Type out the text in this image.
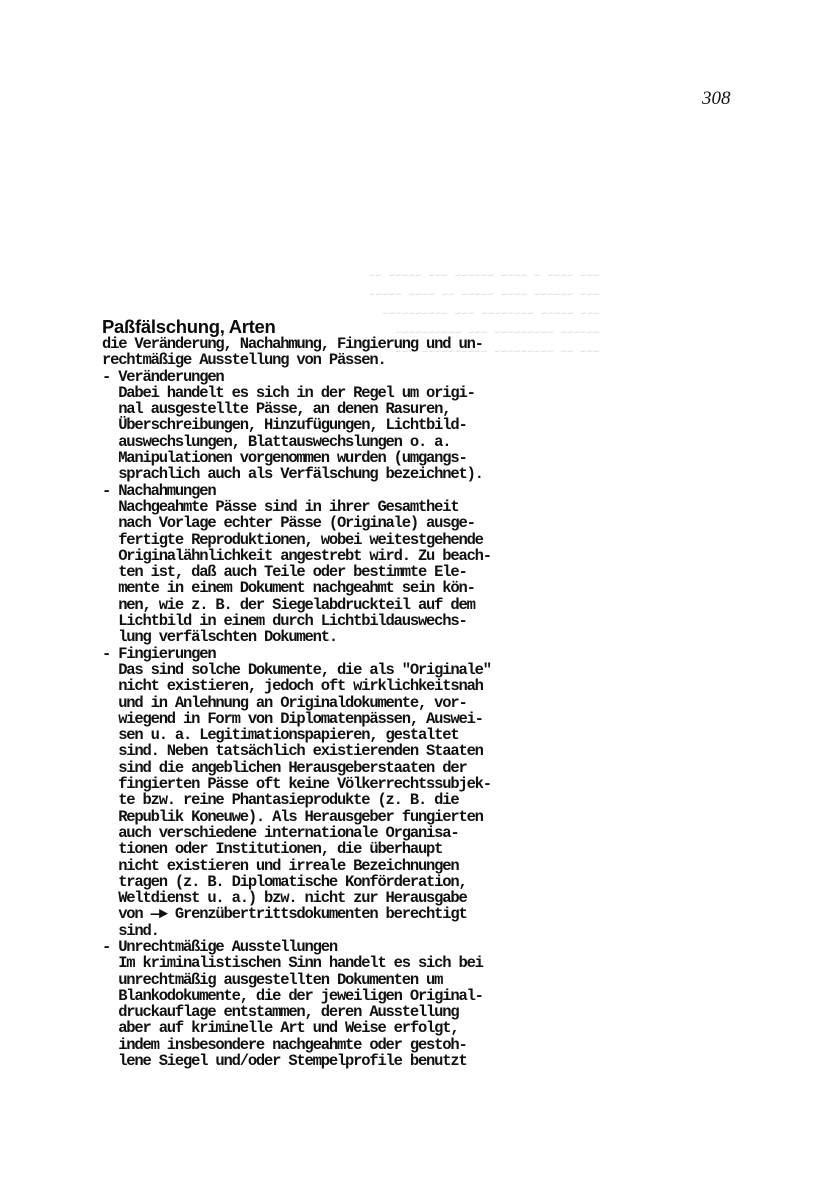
308
~~~ ~~~~ ~ ~~~~ ~~~~~~ ~~~ ~~~~~ ~~
~~~ ~~~~~~ ~~~~ ~~~~~ ~~ ~~~~ ~~~~~
~~~ ~~~~~ ~~~~~~~~ ~~~ ~~~~~~~~~~
~~~~~~ ~~~~~~~~~ ~~~ ~~~~~~~~~~
~~~ ~~ ~~~~~~~~~ ~~~~~~~~~~ ~~~
Paßfälschung, Arten
die Veränderung, Nachahmung, Fingierung und un-
rechtmäßige Ausstellung von Pässen.
- Veränderungen
Dabei handelt es sich in der Regel um origi-
nal ausgestellte Pässe, an denen Rasuren,
Überschreibungen, Hinzufügungen, Lichtbild-
auswechslungen, Blattauswechslungen o. a.
Manipulationen vorgenommen wurden (umgangs-
sprachlich auch als Verfälschung bezeichnet).
- Nachahmungen
Nachgeahmte Pässe sind in ihrer Gesamtheit
nach Vorlage echter Pässe (Originale) ausge-
fertigte Reproduktionen, wobei weitestgehende
Originalähnlichkeit angestrebt wird. Zu beach-
ten ist, daß auch Teile oder bestimmte Ele-
mente in einem Dokument nachgeahmt sein kön-
nen, wie z. B. der Siegelabdruckteil auf dem
Lichtbild in einem durch Lichtbildauswechs-
lung verfälschten Dokument.
- Fingierungen
Das sind solche Dokumente, die als "Originale"
nicht existieren, jedoch oft wirklichkeitsnah
und in Anlehnung an Originaldokumente, vor-
wiegend in Form von Diplomatenpässen, Auswei-
sen u. a. Legitimationspapieren, gestaltet
sind. Neben tatsächlich existierenden Staaten
sind die angeblichen Herausgeberstaaten der
fingierten Pässe oft keine Völkerrechtssubjek-
te bzw. reine Phantasieprodukte (z. B. die
Republik Koneuwe). Als Herausgeber fungierten
auch verschiedene internationale Organisa-
tionen oder Institutionen, die überhaupt
nicht existieren und irreale Bezeichnungen
tragen (z. B. Diplomatische Konförderation,
Weltdienst u. a.) bzw. nicht zur Herausgabe
von —► Grenzübertrittsdokumenten berechtigt
sind.
- Unrechtmäßige Ausstellungen
Im kriminalistischen Sinn handelt es sich bei
unrechtmäßig ausgestellten Dokumenten um
Blankodokumente, die der jeweiligen Original-
druckauflage entstammen, deren Ausstellung
aber auf kriminelle Art und Weise erfolgt,
indem insbesondere nachgeahmte oder gestoh-
lene Siegel und/oder Stempelprofile benutzt
